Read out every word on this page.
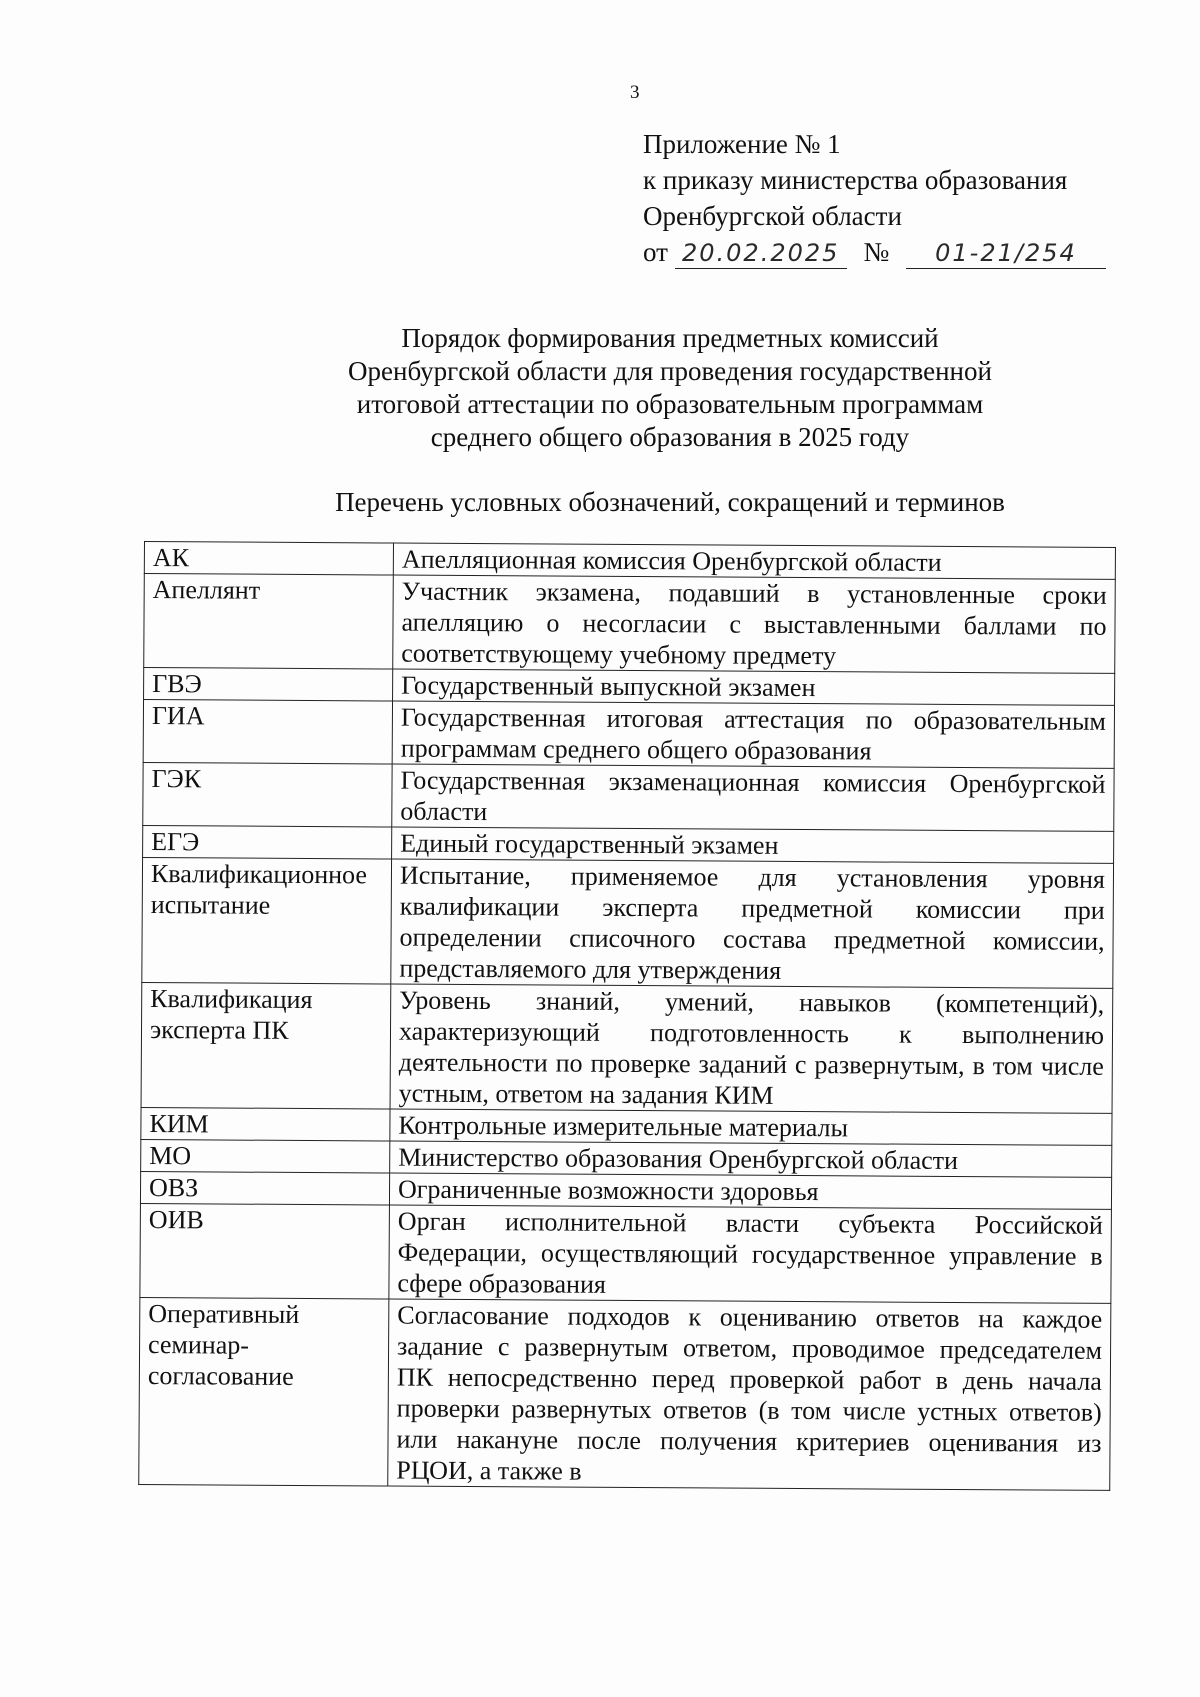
3
Приложение № 1
к приказу министерства образования
Оренбургской области
от 20.02.2025 № 01-21/254
Порядок формирования предметных комиссий
Оренбургской области для проведения государственной
итоговой аттестации по образовательным программам
среднего общего образования в 2025 году
Перечень условных обозначений, сокращений и терминов
АК	Апелляционная комиссия Оренбургской области
Апеллянт	Участник экзамена, подавший в установленные сроки апелляцию о несогласии с выставленными баллами по соответствующему учебному предмету
ГВЭ	Государственный выпускной экзамен
ГИА	Государственная итоговая аттестация по образовательным программам среднего общего образования
ГЭК	Государственная экзаменационная комиссия Оренбургской области
ЕГЭ	Единый государственный экзамен
Квалификационное испытание	Испытание, применяемое для установления уровня квалификации эксперта предметной комиссии при определении списочного состава предметной комиссии, представляемого для утверждения
Квалификация эксперта ПК	Уровень знаний, умений, навыков (компетенций), характеризующий подготовленность к выполнению деятельности по проверке заданий с развернутым, в том числе устным, ответом на задания КИМ
КИМ	Контрольные измерительные материалы
МО	Министерство образования Оренбургской области
ОВЗ	Ограниченные возможности здоровья
ОИВ	Орган исполнительной власти субъекта Российской Федерации, осуществляющий государственное управление в сфере образования
Оперативный семинар-согласование	Согласование подходов к оцениванию ответов на каждое задание с развернутым ответом, проводимое председателем ПК непосредственно перед проверкой работ в день начала проверки развернутых ответов (в том числе устных ответов) или накануне после получения критериев оценивания из РЦОИ, а также в
